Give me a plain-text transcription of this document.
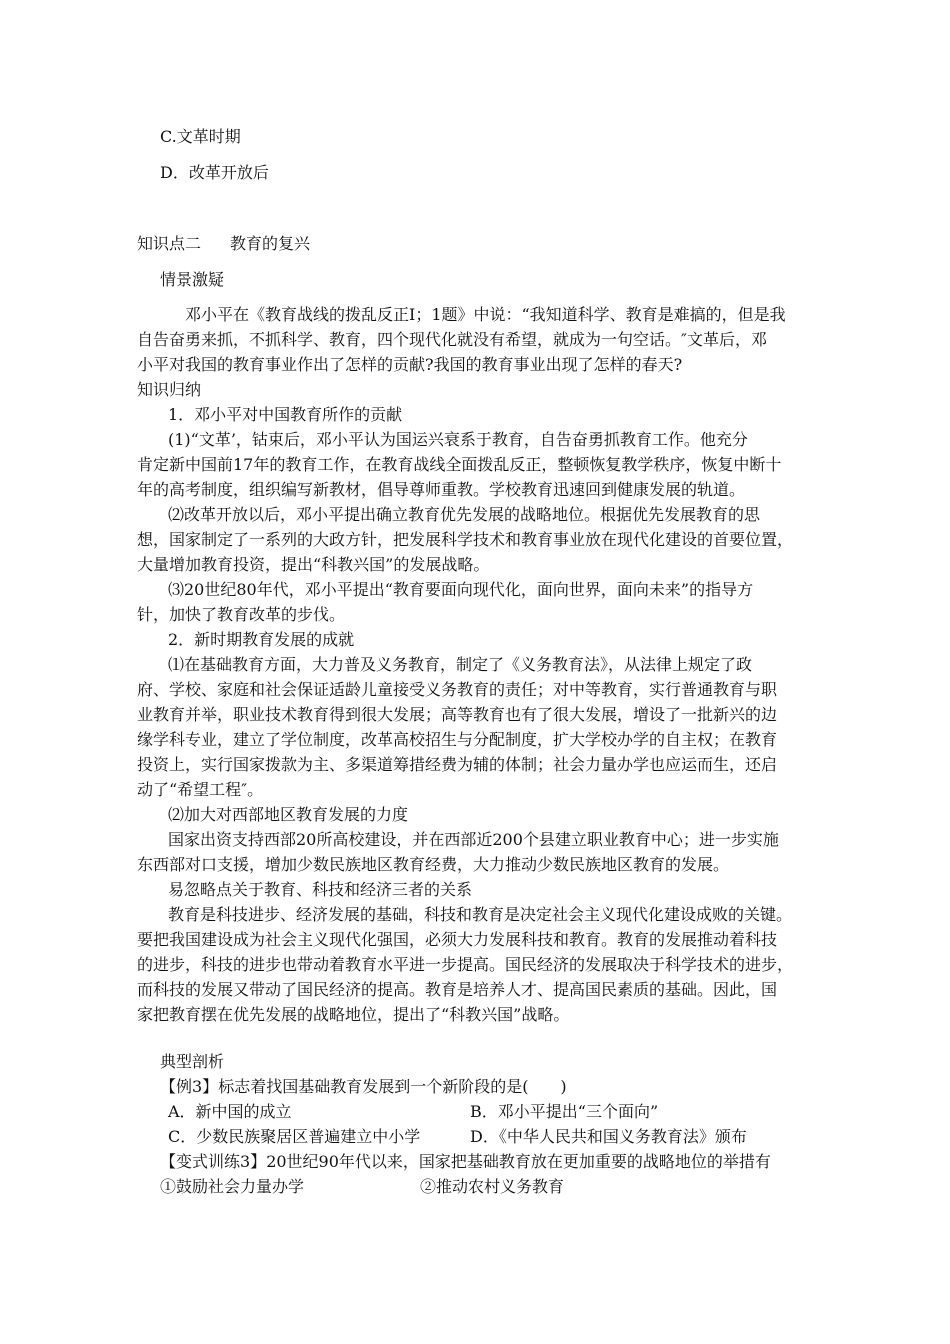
C.文革时期
D．改革开放后
知识点二 教育的复兴
情景激疑
邓小平在《教育战线的拨乱反正I；1题》中说：“我知道科学、教育是难搞的，但是我
自告奋勇来抓，不抓科学、教育，四个现代化就没有希望，就成为一句空话。″文革后，邓
小平对我国的教育事业作出了怎样的贡献?我国的教育事业出现了怎样的春天?
知识归纳
1．邓小平对中国教育所作的贡献
(1)“文革’，钴束后，邓小平认为国运兴衰系于教育，自告奋勇抓教育工作。他充分
肯定新中国前17年的教育工作，在教育战线全面拨乱反正，整顿恢复教学秩序，恢复中断十
年的高考制度，组织编写新教材，倡导尊师重教。学校教育迅速回到健康发展的轨道。
⑵改革开放以后，邓小平提出确立教育优先发展的战略地位。根据优先发展教育的思
想，国家制定了一系列的大政方针，把发展科学技术和教育事业放在现代化建设的首要位置，
大量增加教育投资，提出“科教兴国”的发展战略。
⑶20世纪80年代，邓小平提出“教育要面向现代化，面向世界，面向未来”的指导方
针，加快了教育改革的步伐。
2．新时期教育发展的成就
⑴在基础教育方面，大力普及义务教育，制定了《义务教育法》，从法律上规定了政
府、学校、家庭和社会保证适龄儿童接受义务教育的责任；对中等教育，实行普通教育与职
业教育并举，职业技术教育得到很大发展；高等教育也有了很大发展，增设了一批新兴的边
缘学科专业，建立了学位制度，改革高校招生与分配制度，扩大学校办学的自主权；在教育
投资上，实行国家拨款为主、多渠道筹措经费为辅的体制；社会力量办学也应运而生，还启
动了“希望工程″。
⑵加大对西部地区教育发展的力度
国家出资支持西部20所高校建设，并在西部近200个县建立职业教育中心；进一步实施
东西部对口支援，增加少数民族地区教育经费，大力推动少数民族地区教育的发展。
易忽略点关于教育、科技和经济三者的关系
教育是科技进步、经济发展的基础，科技和教育是决定社会主义现代化建设成败的关键。
要把我国建设成为社会主义现代化强国，必须大力发展科技和教育。教育的发展推动着科技
的进步，科技的进步也带动着教育水平进一步提高。国民经济的发展取决于科学技术的进步，
而科技的发展又带动了国民经济的提高。教育是培养人才、提高国民素质的基础。因此，国
家把教育摆在优先发展的战略地位，提出了“科教兴国”战略。
典型剖析
【例3】标志着找国基础教育发展到一个新阶段的是(　　)
A．新中国的成立	B．邓小平提出“三个面向”
C．少数民族聚居区普遍建立中小学	D．《中华人民共和国义务教育法》颁布
【变式训练3】20世纪90年代以来，国家把基础教育放在更加重要的战略地位的举措有
①鼓励社会力量办学	②推动农村义务教育
